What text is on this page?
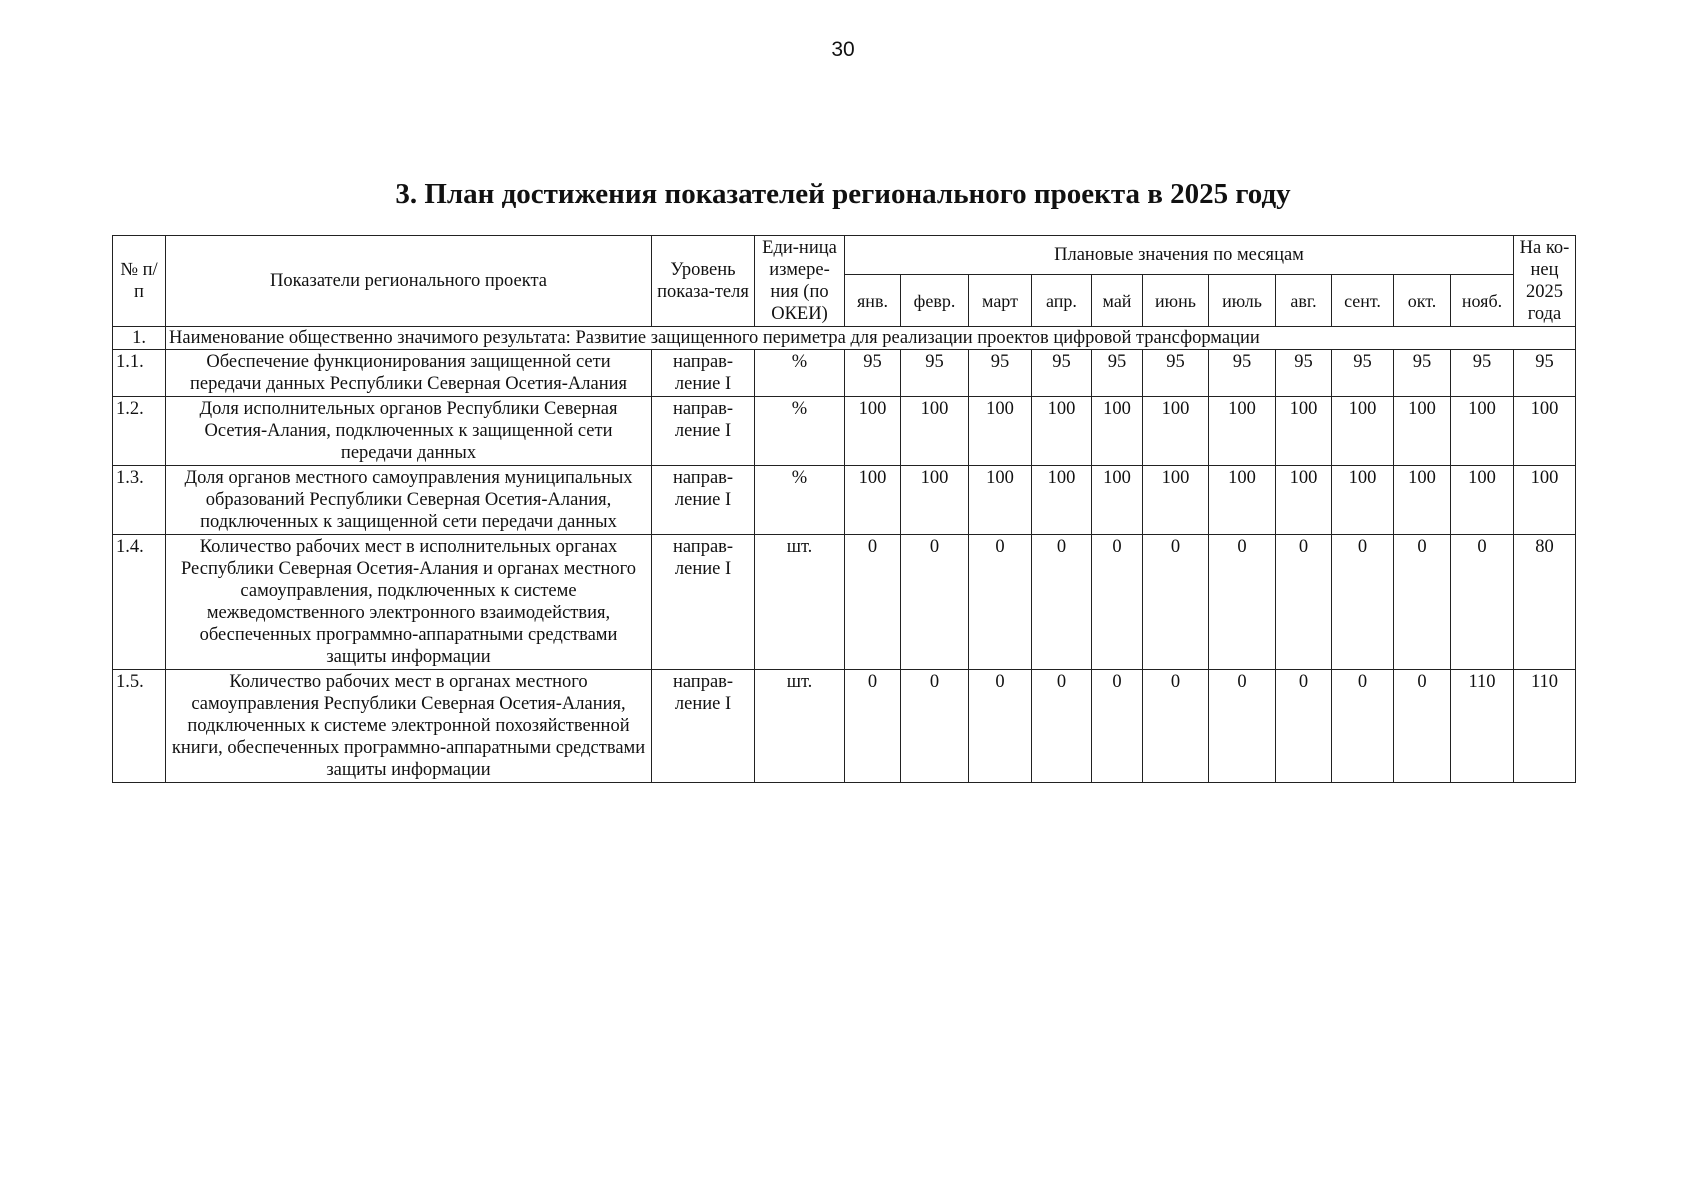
30
3. План достижения показателей регионального проекта в 2025 году
№ п/п	Показатели регионального проекта	Уровень показа-теля	Еди-ница измере-ния (по ОКЕИ)	Плановые значения по месяцам											На ко-нец 2025 года
				янв.	февр.	март	апр.	май	июнь	июль	авг.	сент.	окт.	нояб.	
1.	Наименование общественно значимого результата: Развитие защищенного периметра для реализации проектов цифровой трансформации														
1.1.	Обеспечение функционирования защищенной сети передачи данных Республики Северная Осетия-Алания	направ-ление I	%	95	95	95	95	95	95	95	95	95	95	95	95
1.2.	Доля исполнительных органов Республики Северная Осетия-Алания, подключенных к защищенной сети передачи данных	направ-ление I	%	100	100	100	100	100	100	100	100	100	100	100	100
1.3.	Доля органов местного самоуправления муниципальных образований Республики Северная Осетия-Алания, подключенных к защищенной сети передачи данных	направ-ление I	%	100	100	100	100	100	100	100	100	100	100	100	100
1.4.	Количество рабочих мест в исполнительных органах Республики Северная Осетия-Алания и органах местного самоуправления, подключенных к системе межведомственного электронного взаимодействия, обеспеченных программно-аппаратными средствами защиты информации	направ-ление I	шт.	0	0	0	0	0	0	0	0	0	0	0	80
1.5.	Количество рабочих мест в органах местного самоуправления Республики Северная Осетия-Алания, подключенных к системе электронной похозяйственной книги, обеспеченных программно-аппаратными средствами защиты информации	направ-ление I	шт.	0	0	0	0	0	0	0	0	0	0	110	110
